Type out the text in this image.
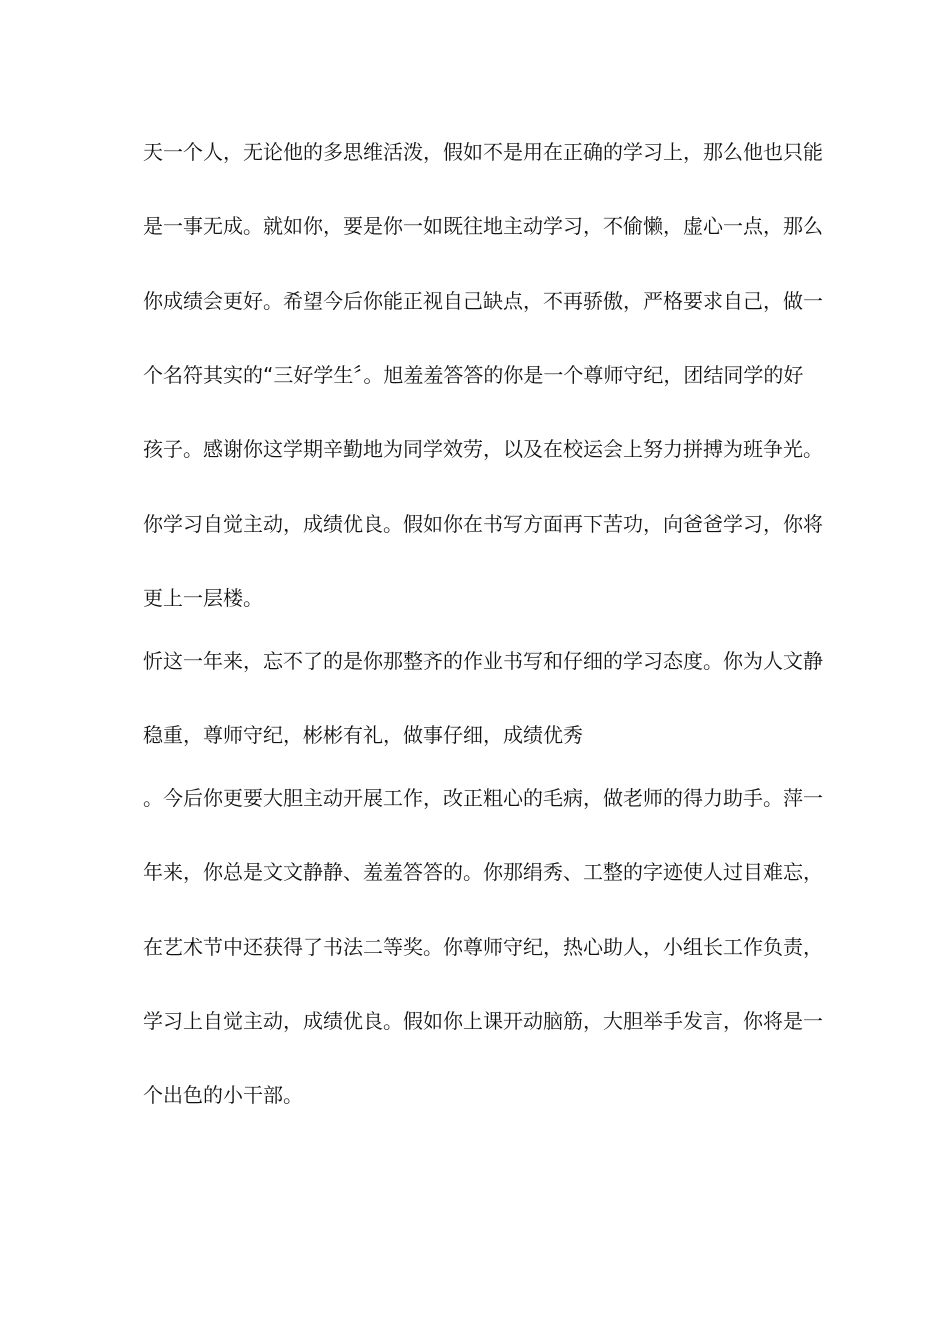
天一个人，无论他的多思维活泼，假如不是用在正确的学习上，那么他也只能
是一事无成。就如你，要是你一如既往地主动学习，不偷懒，虚心一点，那么
你成绩会更好。希望今后你能正视自己缺点，不再骄傲，严格要求自己，做一
个名符其实的“三好学生〞。旭羞羞答答的你是一个尊师守纪，团结同学的好
孩子。感谢你这学期辛勤地为同学效劳，以及在校运会上努力拼搏为班争光。
你学习自觉主动，成绩优良。假如你在书写方面再下苦功，向爸爸学习，你将
更上一层楼。
忻这一年来，忘不了的是你那整齐的作业书写和仔细的学习态度。你为人文静
稳重，尊师守纪，彬彬有礼，做事仔细，成绩优秀
。今后你更要大胆主动开展工作，改正粗心的毛病，做老师的得力助手。萍一
年来，你总是文文静静、羞羞答答的。你那绢秀、工整的字迹使人过目难忘，
在艺术节中还获得了书法二等奖。你尊师守纪，热心助人，小组长工作负责，
学习上自觉主动，成绩优良。假如你上课开动脑筋，大胆举手发言，你将是一
个出色的小干部。
